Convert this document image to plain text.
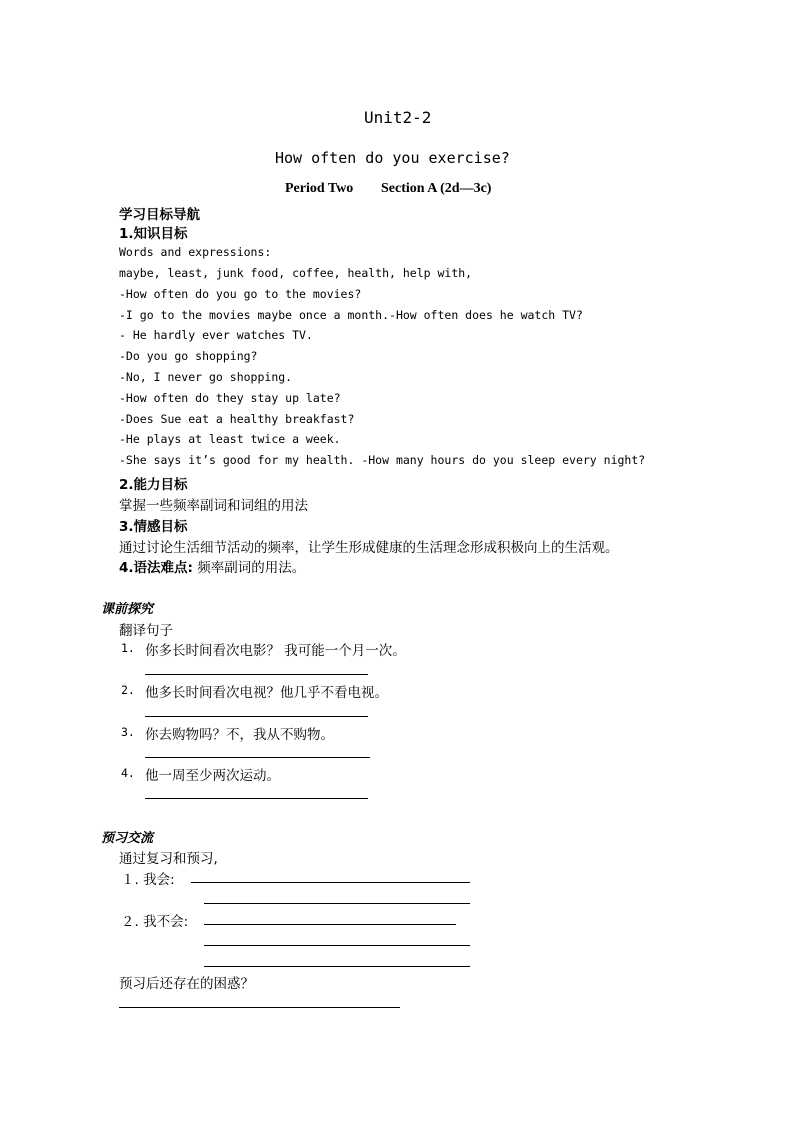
Unit2-2
How often do you exercise?
Period Two Section A (2d—3c)
学习目标导航
1.知识目标
Words and expressions:
maybe, least, junk food, coffee, health, help with,
-How often do you go to the movies?
-I go to the movies maybe once a month.-How often does he watch TV?
- He hardly ever watches TV.
-Do you go shopping?
-No, I never go shopping.
-How often do they stay up late?
-Does Sue eat a healthy breakfast?
-He plays at least twice a week.
-She says it’s good for my health. -How many hours do you sleep every night?
2.能力目标
掌握一些频率副词和词组的用法
3.情感目标
通过讨论生活细节活动的频率，让学生形成健康的生活理念形成积极向上的生活观。
4.语法难点: 频率副词的用法。
课前探究
翻译句子
1. 你多长时间看次电影？ 我可能一个月一次。
2. 他多长时间看次电视？他几乎不看电视。
3. 你去购物吗？不，我从不购物。
4. 他一周至少两次运动。
预习交流
通过复习和预习,
１. 我会:
２. 我不会:
预习后还存在的困惑？
